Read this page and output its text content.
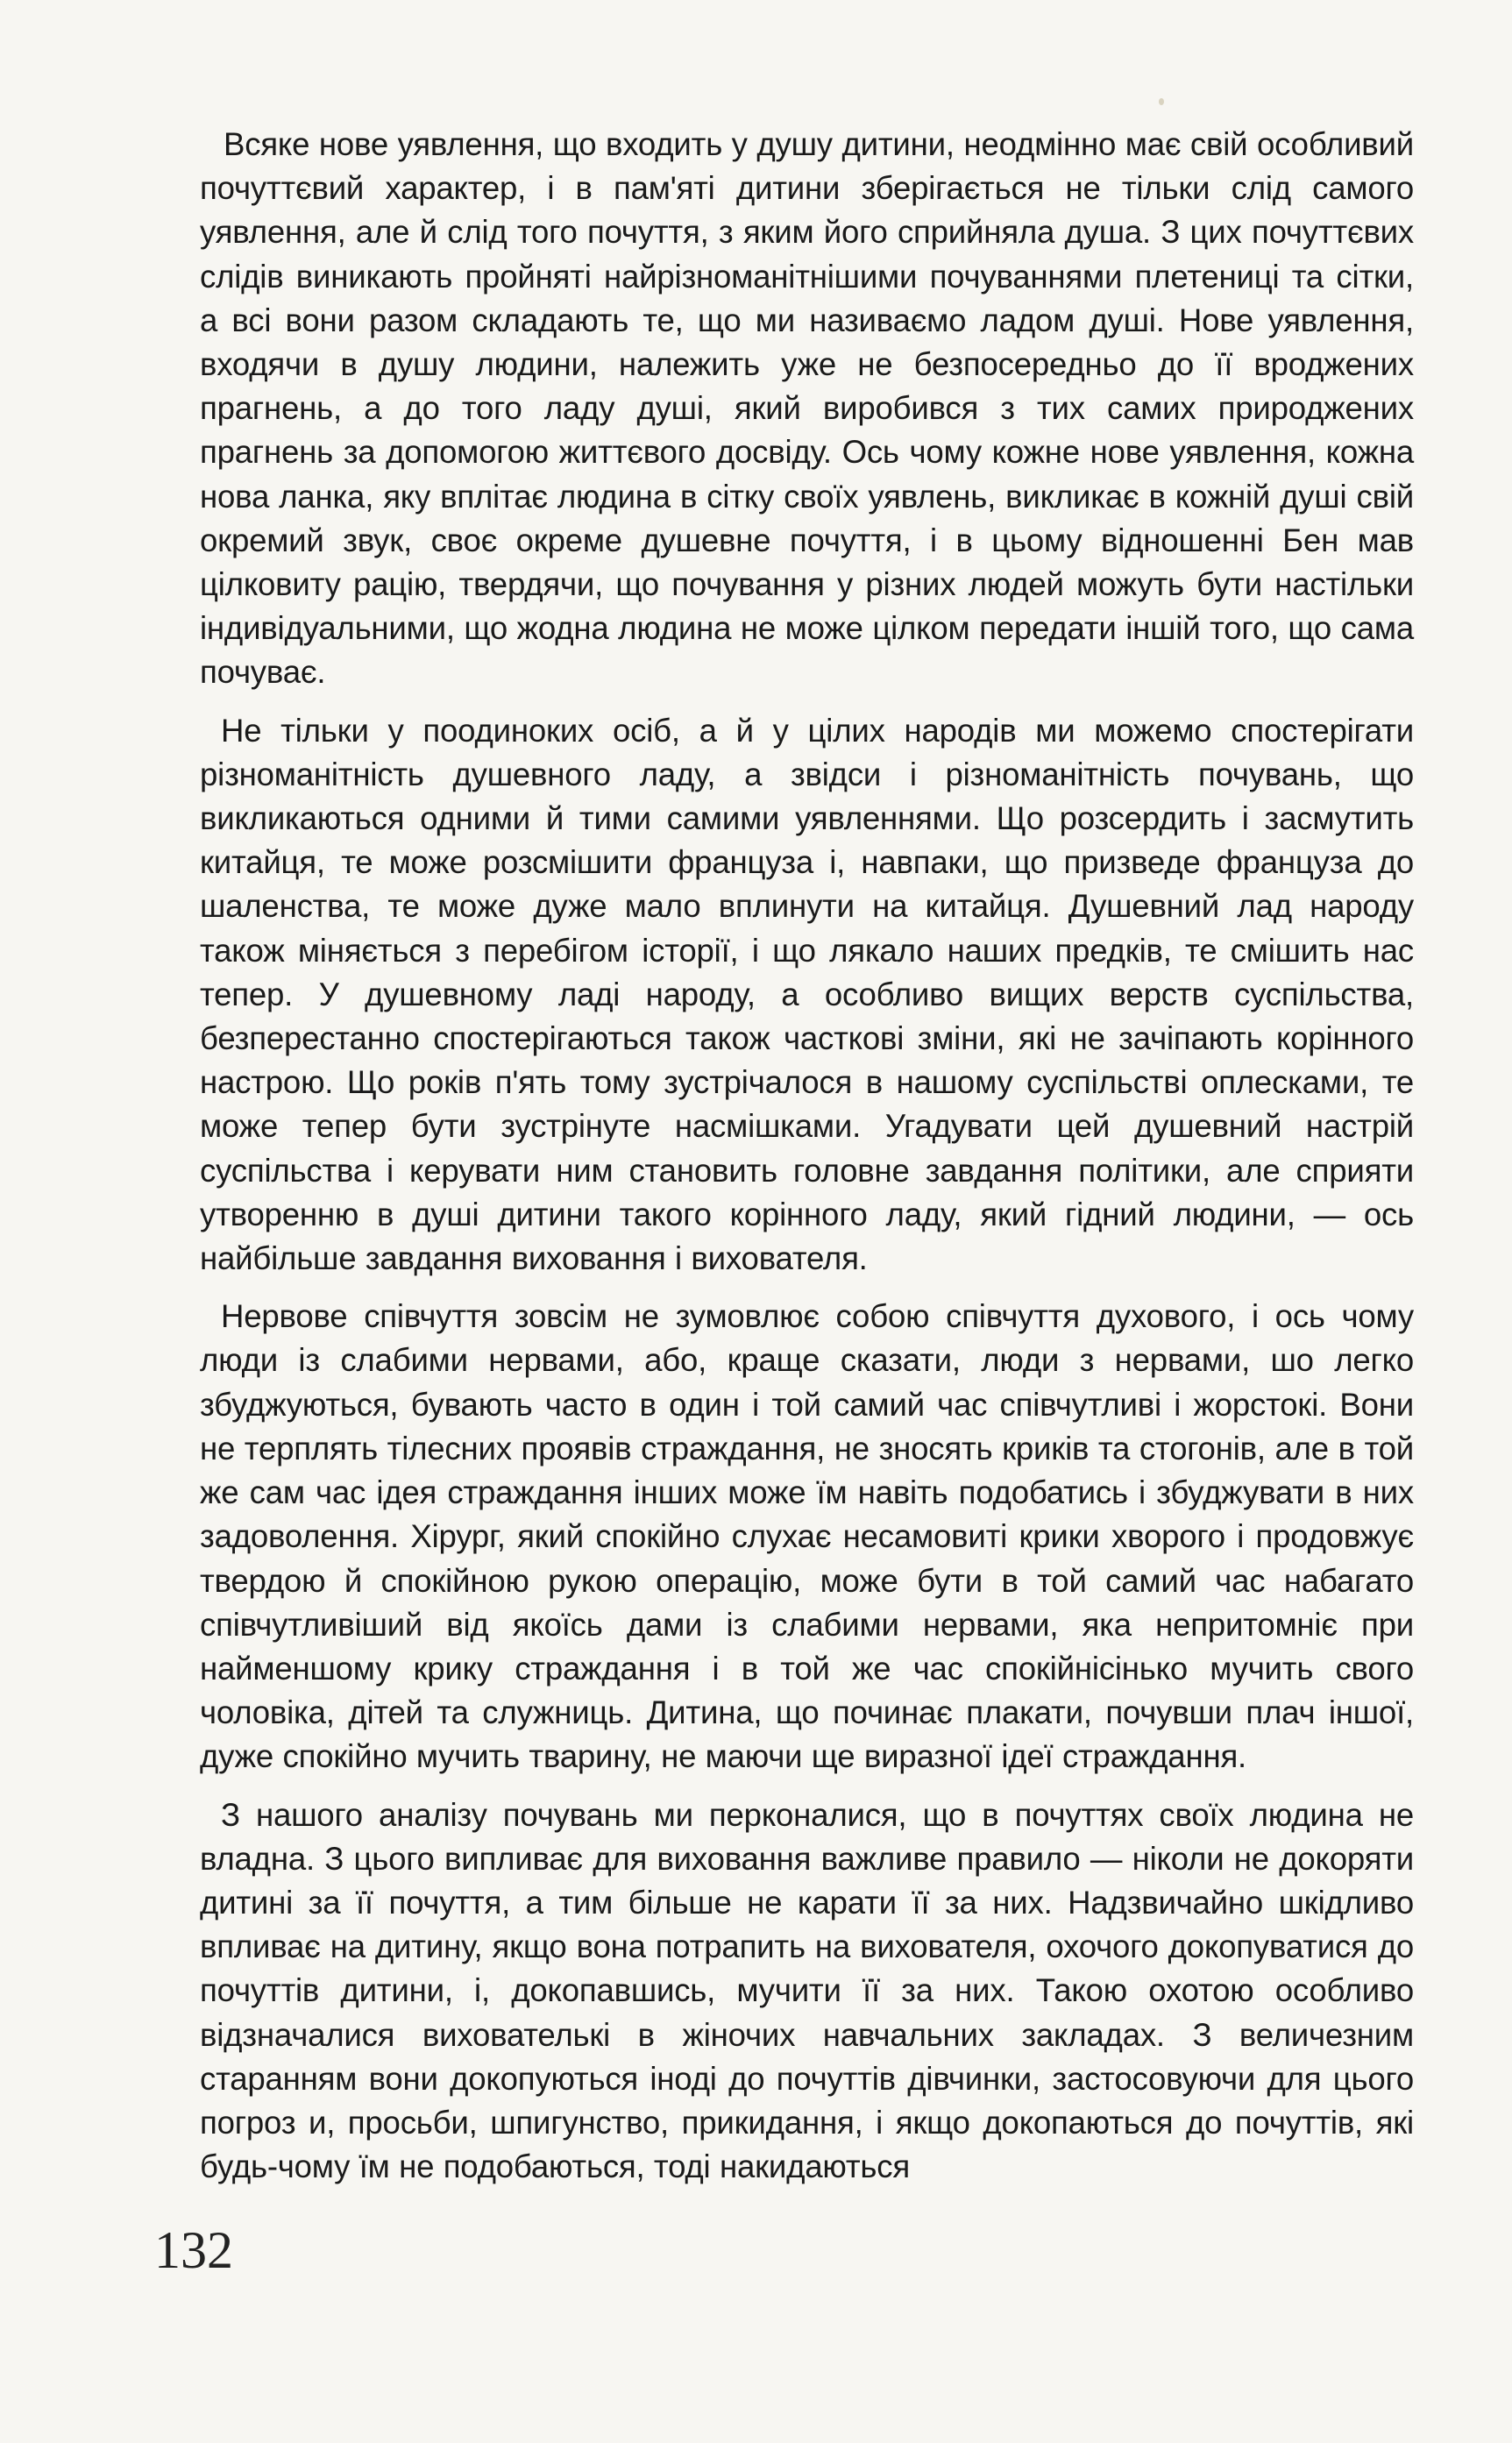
Всяке нове уявлення, що входить у душу дитини, неодмінно має свій особливий почуттєвий характер, і в пам'яті дитини зберігається не тільки слід самого уявлення, але й слід того почуття, з яким його сприйняла душа. З цих почуттєвих слідів виникають пройняті найрізноманітнішими почуваннями плетениці та сітки, а всі вони разом складають те, що ми називаємо ладом душі. Нове уявлення, входячи в душу людини, належить уже не безпосередньо до її вроджених прагнень, а до того ладу душі, який виробився з тих самих природжених прагнень за допомогою життєвого досвіду. Ось чому кожне нове уявлення, кожна нова ланка, яку вплітає людина в сітку своїх уявлень, викликає в кожній душі свій окремий звук, своє окреме душевне почуття, і в цьому відношенні Бен мав цілковиту рацію, твердячи, що почування у різних людей можуть бути настільки індивідуальними, що жодна людина не може цілком передати іншій того, що сама почуває.

Не тільки у поодиноких осіб, а й у цілих народів ми можемо спостерігати різноманітність душевного ладу, а звідси і різноманітність почувань, що викликаються одними й тими самими уявленнями. Що розсердить і засмутить китайця, те може розсмішити француза і, навпаки, що призведе француза до шаленства, те може дуже мало вплинути на китайця. Душевний лад народу також міняється з перебігом історії, і що лякало наших предків, те смішить нас тепер. У душевному ладі народу, а особливо вищих верств суспільства, безперестанно спостерігаються також часткові зміни, які не зачіпають корінного настрою. Що років п'ять тому зустрічалося в нашому суспільстві оплесками, те може тепер бути зустрінуте насмішками. Угадувати цей душевний настрій суспільства і керувати ним становить головне завдання політики, але сприяти утворенню в душі дитини такого корінного ладу, який гідний людини, — ось найбільше завдання виховання і вихователя.

Нервове співчуття зовсім не зумовлює собою співчуття духового, і ось чому люди із слабими нервами, або, краще сказати, люди з нервами, шо легко збуджуються, бувають часто в один і той самий час співчутливі і жорстокі. Вони не терплять тілесних проявів страждання, не зносять криків та стогонів, але в той же сам час ідея страждання інших може їм навіть подобатись і збуджувати в них задоволення. Хірург, який спокійно слухає несамовиті крики хворого і продовжує твердою й спокійною рукою операцію, може бути в той самий час набагато співчутливіший від якоїсь дами із слабими нервами, яка непритомніє при найменшому крику страждання і в той же час спокійнісінько мучить свого чоловіка, дітей та служниць. Дитина, що починає плакати, почувши плач іншої, дуже спокійно мучить тварину, не маючи ще виразної ідеї страждання.

З нашого аналізу почувань ми перконалися, що в почуттях своїх людина не владна. З цього випливає для виховання важливе правило — ніколи не докоряти дитині за її почуття, а тим більше не карати її за них. Надзвичайно шкідливо впливає на дитину, якщо вона потрапить на вихователя, охочого докопуватися до почуттів дитини, і, докопавшись, мучити її за них. Такою охотою особливо відзначалися вихователькі в жіночих навчальних закладах. З величезним старанням вони докопуються іноді до почуттів дівчинки, застосовуючи для цього погроз и, просьби, шпигунство, прикидання, і якщо докопаються до почуттів, які будь-чому їм не подобаються, тоді накидаються

132
